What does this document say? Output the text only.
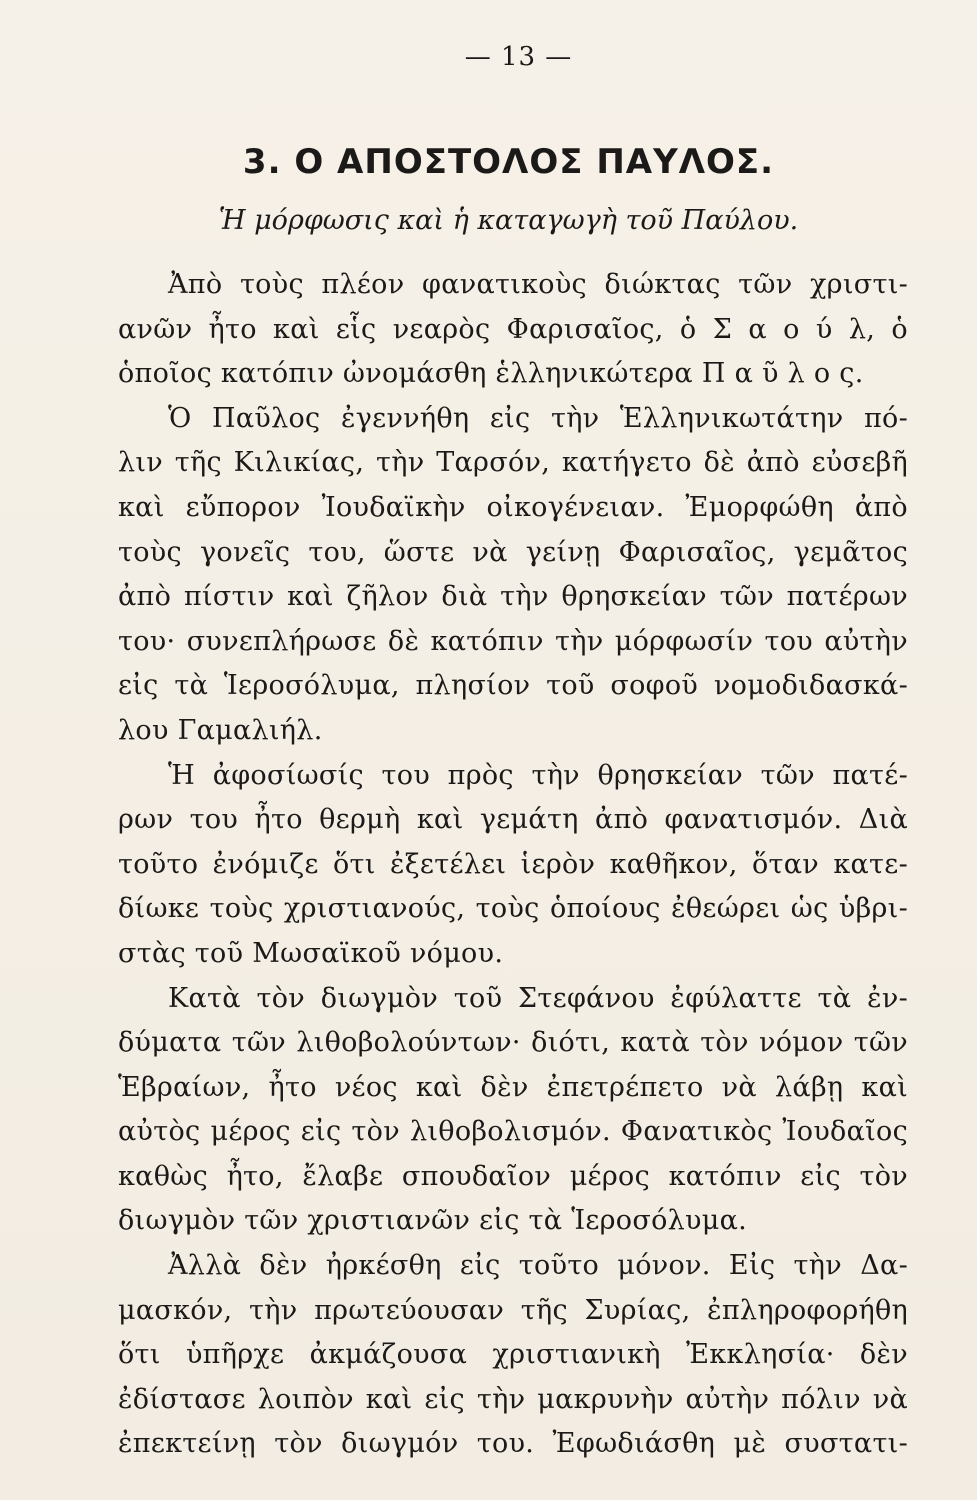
— 13 —
3. Ο ΑΠΟΣΤΟΛΟΣ ΠΑΥΛΟΣ.
Ἡ μόρφωσις καὶ ἡ καταγωγὴ τοῦ Παύλου.
Ἀπὸ τοὺς πλέον φανατικοὺς διώκτας τῶν χριστι-
ανῶν ἦτο καὶ εἷς νεαρὸς Φαρισαῖος, ὁ Σ α ο ύ λ, ὁ
ὁποῖος κατόπιν ὠνομάσθη ἑλληνικώτερα Π α ῦ λ ο ς.
Ὁ Παῦλος ἐγεννήθη εἰς τὴν Ἑλληνικωτάτην πό-
λιν τῆς Κιλικίας, τὴν Ταρσόν, κατήγετο δὲ ἀπὸ εὐσεβῆ
καὶ εὔπορον Ἰουδαϊκὴν οἰκογένειαν. Ἐμορφώθη ἀπὸ
τοὺς γονεῖς του, ὥστε νὰ γείνῃ Φαρισαῖος, γεμᾶτος
ἀπὸ πίστιν καὶ ζῆλον διὰ τὴν θρησκείαν τῶν πατέρων
του· συνεπλήρωσε δὲ κατόπιν τὴν μόρφωσίν του αὐτὴν
εἰς τὰ Ἱεροσόλυμα, πλησίον τοῦ σοφοῦ νομοδιδασκά-
λου Γαμαλιήλ.
Ἡ ἀφοσίωσίς του πρὸς τὴν θρησκείαν τῶν πατέ-
ρων του ἦτο θερμὴ καὶ γεμάτη ἀπὸ φανατισμόν. Διὰ
τοῦτο ἐνόμιζε ὅτι ἐξετέλει ἱερὸν καθῆκον, ὅταν κατε-
δίωκε τοὺς χριστιανούς, τοὺς ὁποίους ἐθεώρει ὡς ὑβρι-
στὰς τοῦ Μωσαϊκοῦ νόμου.
Κατὰ τὸν διωγμὸν τοῦ Στεφάνου ἐφύλαττε τὰ ἐν-
δύματα τῶν λιθοβολούντων· διότι, κατὰ τὸν νόμον τῶν
Ἑβραίων, ἦτο νέος καὶ δὲν ἐπετρέπετο νὰ λάβῃ καὶ
αὐτὸς μέρος εἰς τὸν λιθοβολισμόν. Φανατικὸς Ἰουδαῖος
καθὼς ἦτο, ἔλαβε σπουδαῖον μέρος κατόπιν εἰς τὸν
διωγμὸν τῶν χριστιανῶν εἰς τὰ Ἱεροσόλυμα.
Ἀλλὰ δὲν ἠρκέσθη εἰς τοῦτο μόνον. Εἰς τὴν Δα-
μασκόν, τὴν πρωτεύουσαν τῆς Συρίας, ἐπληροφορήθη
ὅτι ὑπῆρχε ἀκμάζουσα χριστιανικὴ Ἐκκλησία· δὲν
ἐδίστασε λοιπὸν καὶ εἰς τὴν μακρυνὴν αὐτὴν πόλιν νὰ
ἐπεκτείνῃ τὸν διωγμόν του. Ἐφωδιάσθη μὲ συστατι-
